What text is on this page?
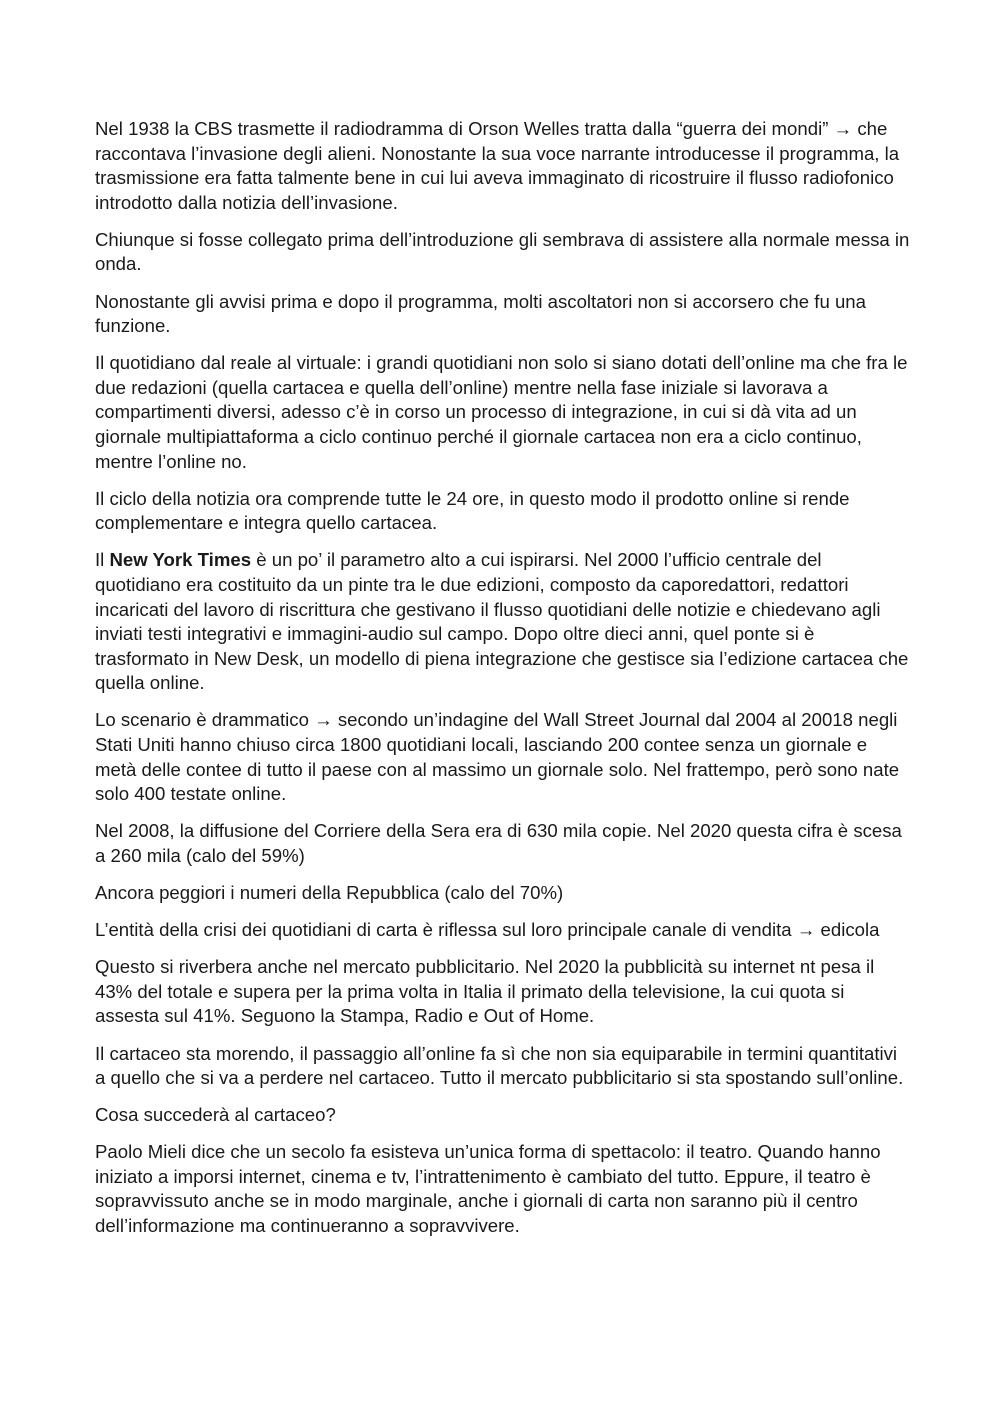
Nel 1938 la CBS trasmette il radiodramma di Orson Welles tratta dalla “guerra dei mondi” → che raccontava l’invasione degli alieni. Nonostante la sua voce narrante introducesse il programma, la trasmissione era fatta talmente bene in cui lui aveva immaginato di ricostruire il flusso radiofonico introdotto dalla notizia dell’invasione.

Chiunque si fosse collegato prima dell’introduzione gli sembrava di assistere alla normale messa in onda.

Nonostante gli avvisi prima e dopo il programma, molti ascoltatori non si accorsero che fu una funzione.

Il quotidiano dal reale al virtuale: i grandi quotidiani non solo si siano dotati dell’online ma che fra le due redazioni (quella cartacea e quella dell’online) mentre nella fase iniziale si lavorava a compartimenti diversi, adesso c’è in corso un processo di integrazione, in cui si dà vita ad un giornale multipiattaforma a ciclo continuo perché il giornale cartacea non era a ciclo continuo, mentre l’online no.

Il ciclo della notizia ora comprende tutte le 24 ore, in questo modo il prodotto online si rende complementare e integra quello cartacea.

Il New York Times è un po’ il parametro alto a cui ispirarsi. Nel 2000 l’ufficio centrale del quotidiano era costituito da un pinte tra le due edizioni, composto da caporedattori, redattori incaricati del lavoro di riscrittura che gestivano il flusso quotidiani delle notizie e chiedevano agli inviati testi integrativi e immagini-audio sul campo. Dopo oltre dieci anni, quel ponte si è trasformato in New Desk, un modello di piena integrazione che gestisce sia l’edizione cartacea che quella online.

Lo scenario è drammatico → secondo un’indagine del Wall Street Journal dal 2004 al 20018 negli Stati Uniti hanno chiuso circa 1800 quotidiani locali, lasciando 200 contee senza un giornale e metà delle contee di tutto il paese con al massimo un giornale solo. Nel frattempo, però sono nate solo 400 testate online.

Nel 2008, la diffusione del Corriere della Sera era di 630 mila copie. Nel 2020 questa cifra è scesa a 260 mila (calo del 59%)

Ancora peggiori i numeri della Repubblica (calo del 70%)

L’entità della crisi dei quotidiani di carta è riflessa sul loro principale canale di vendita → edicola

Questo si riverbera anche nel mercato pubblicitario. Nel 2020 la pubblicità su internet nt pesa il 43% del totale e supera per la prima volta in Italia il primato della televisione, la cui quota si assesta sul 41%. Seguono la Stampa, Radio e Out of Home.

Il cartaceo sta morendo, il passaggio all’online fa sì che non sia equiparabile in termini quantitativi a quello che si va a perdere nel cartaceo. Tutto il mercato pubblicitario si sta spostando sull’online.

Cosa succederà al cartaceo?

Paolo Mieli dice che un secolo fa esisteva un’unica forma di spettacolo: il teatro. Quando hanno iniziato a imporsi internet, cinema e tv, l’intrattenimento è cambiato del tutto. Eppure, il teatro è sopravvissuto anche se in modo marginale, anche i giornali di carta non saranno più il centro dell’informazione ma continueranno a sopravvivere.
